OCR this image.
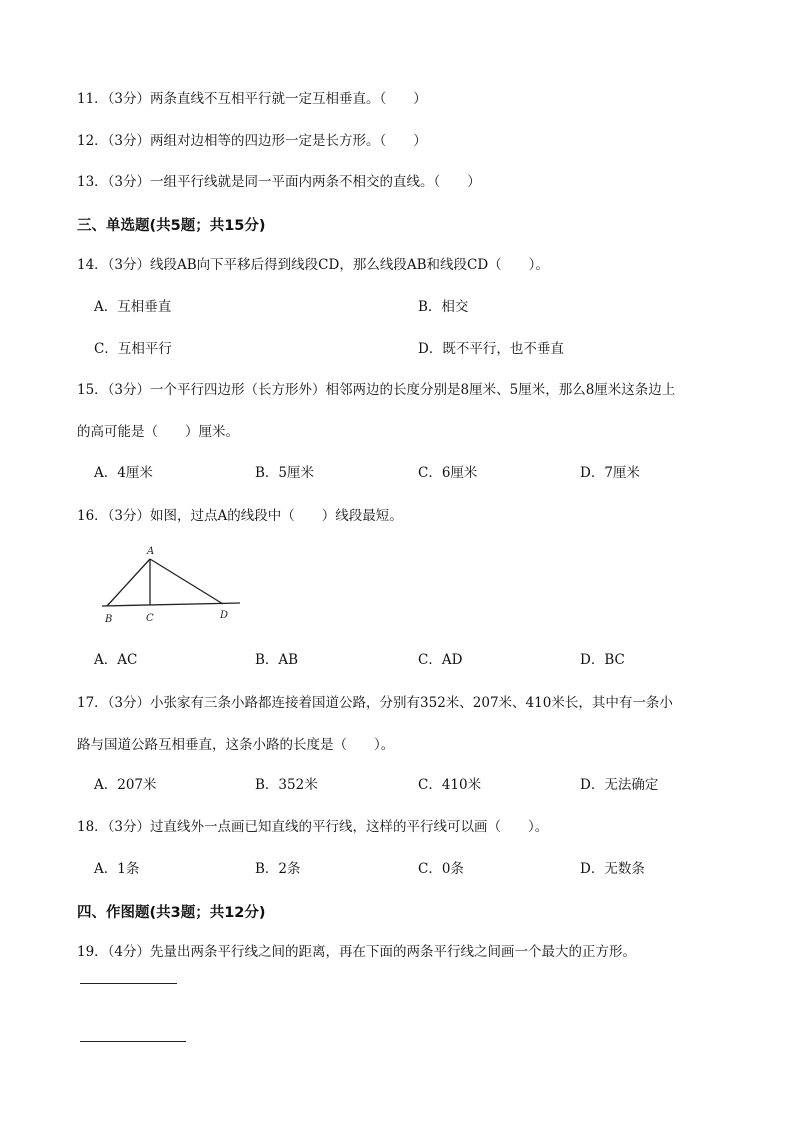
11．（3分）两条直线不互相平行就一定互相垂直。（　　）
12．（3分）两组对边相等的四边形一定是长方形。（　　）
13．（3分）一组平行线就是同一平面内两条不相交的直线。（　　）
三、单选题(共5题；共15分)
14．（3分）线段AB向下平移后得到线段CD，那么线段AB和线段CD（　　）。
A．互相垂直	B．相交
C．互相平行	D．既不平行，也不垂直
15．（3分）一个平行四边形（长方形外）相邻两边的长度分别是8厘米、5厘米，那么8厘米这条边上
的高可能是（　　）厘米。
A．4厘米	B．5厘米	C．6厘米	D．7厘米
16．（3分）如图，过点A的线段中（　　）线段最短。
A
B	C	D
A．AC	B．AB	C．AD	D．BC
17．（3分）小张家有三条小路都连接着国道公路，分别有352米、207米、410米长，其中有一条小
路与国道公路互相垂直，这条小路的长度是（　　）。
A．207米	B．352米	C．410米	D．无法确定
18．（3分）过直线外一点画已知直线的平行线，这样的平行线可以画（　　）。
A．1条	B．2条	C．0条	D．无数条
四、作图题(共3题；共12分)
19．（4分）先量出两条平行线之间的距离，再在下面的两条平行线之间画一个最大的正方形。
